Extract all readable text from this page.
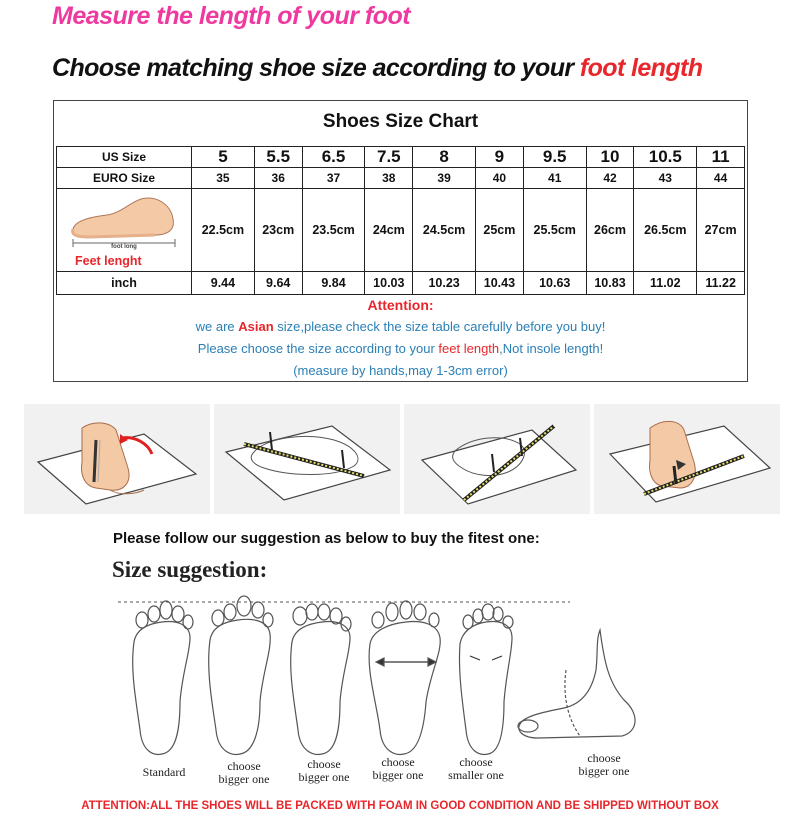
Measure the length of your foot
Choose matching shoe size according to your foot length
Shoes Size Chart
US Size	5	5.5	6.5	7.5	8	9	9.5	10	10.5	11
EURO Size	35	36	37	38	39	40	41	42	43	44

foot long
Feet lenght	22.5cm	23cm	23.5cm	24cm	24.5cm	25cm	25.5cm	26cm	26.5cm	27cm
inch	9.44	9.64	9.84	10.03	10.23	10.43	10.63	10.83	11.02	11.22
Attention:
we are Asian size,please check the size table carefully before you buy!
Please choose the size according to your feet length,Not insole length!
(measure by hands,may 1-3cm error)
Please follow our suggestion as below to buy the fitest one:
Size suggestion:
Standard	choose
bigger one
choose
bigger one
choose
bigger one
choose
smaller one
choose
bigger one
ATTENTION:ALL THE SHOES WILL BE PACKED WITH FOAM IN GOOD CONDITION AND BE SHIPPED WITHOUT BOX
